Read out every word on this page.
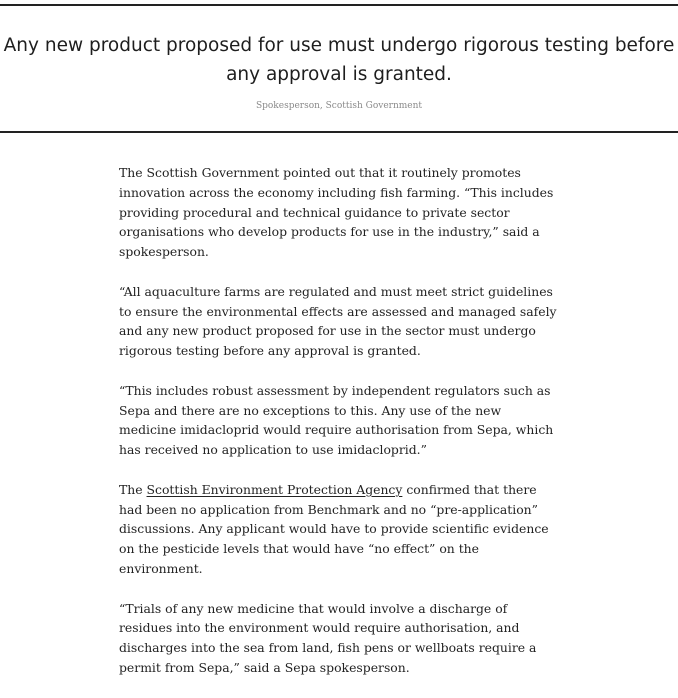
Any new product proposed for use must undergo rigorous testing before any approval is granted.

Spokesperson, Scottish Government

The Scottish Government pointed out that it routinely promotes innovation across the economy including fish farming. “This includes providing procedural and technical guidance to private sector organisations who develop products for use in the industry,” said a spokesperson.

“All aquaculture farms are regulated and must meet strict guidelines to ensure the environmental effects are assessed and managed safely and any new product proposed for use in the sector must undergo rigorous testing before any approval is granted.

“This includes robust assessment by independent regulators such as Sepa and there are no exceptions to this. Any use of the new medicine imidacloprid would require authorisation from Sepa, which has received no application to use imidacloprid.”

The Scottish Environment Protection Agency confirmed that there had been no application from Benchmark and no “pre-application” discussions. Any applicant would have to provide scientific evidence on the pesticide levels that would have “no effect” on the environment.

“Trials of any new medicine that would involve a discharge of residues into the environment would require authorisation, and discharges into the sea from land, fish pens or wellboats require a permit from Sepa,” said a Sepa spokesperson.
